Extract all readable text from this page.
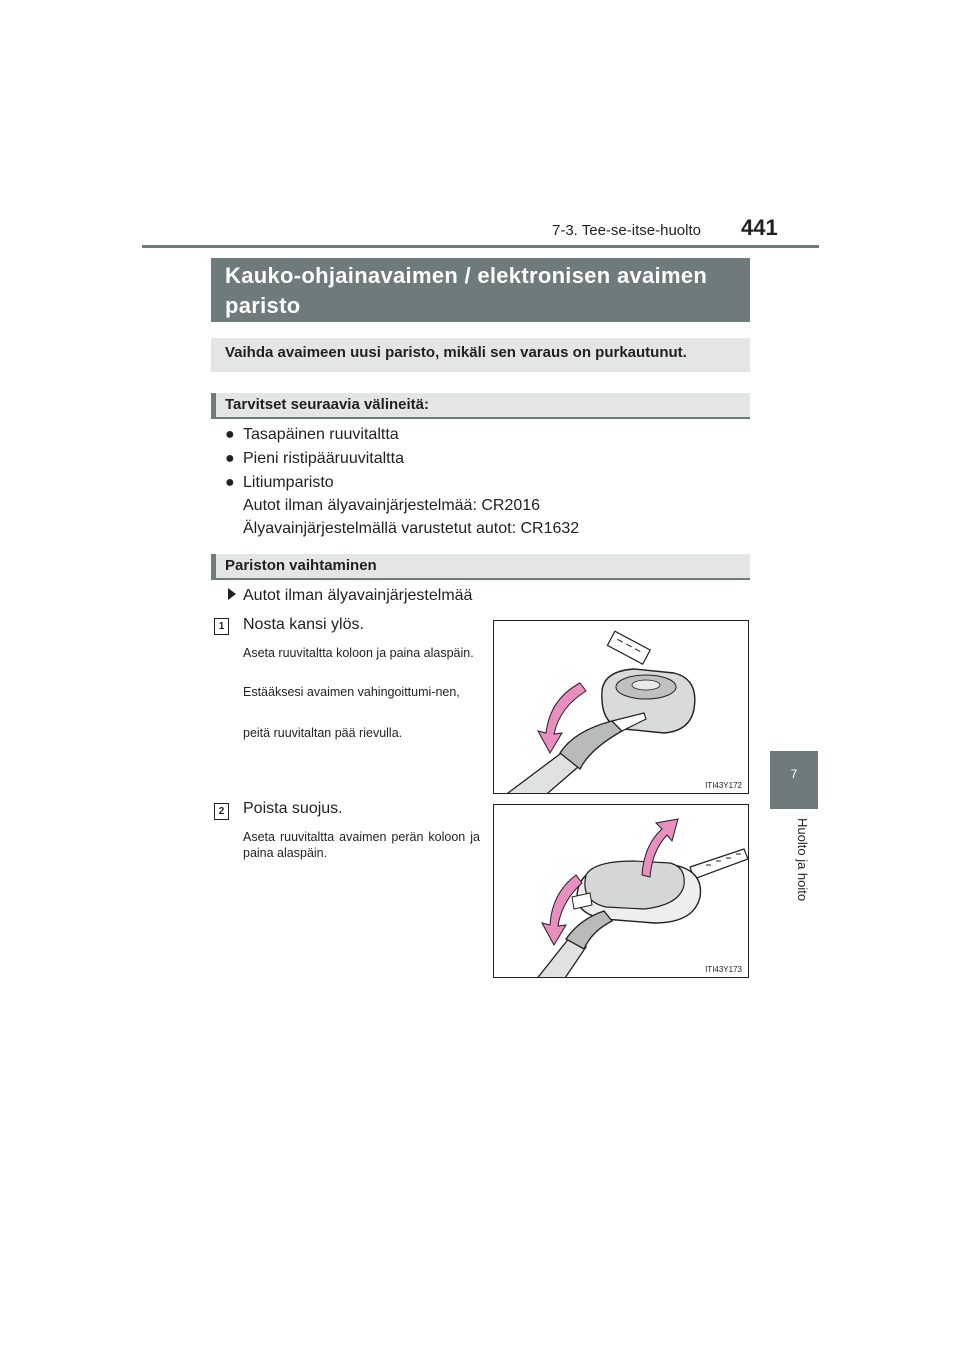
7-3. Tee-se-itse-huolto 441
7
Huolto ja hoito
Kauko-ohjainavaimen / elektronisen avaimen
paristo
Vaihda avaimeen uusi paristo, mikäli sen varaus on purkautunut.
Tarvitset seuraavia välineitä:
● Tasapäinen ruuvitaltta
● Pieni ristipääruuvitaltta
● Litiumparisto
Autot ilman älyavainjärjestelmää: CR2016
Älyavainjärjestelmällä varustetut autot: CR1632
Pariston vaihtaminen
Autot ilman älyavainjärjestelmää
1 Nosta kansi ylös.
Aseta ruuvitaltta koloon ja paina alaspäin.
Estääksesi avaimen vahingoittumi-nen,
peitä ruuvitaltan pää rievulla.
ITI43Y172
2 Poista suojus.
Aseta ruuvitaltta avaimen perän koloon ja paina alaspäin.
ITI43Y173
